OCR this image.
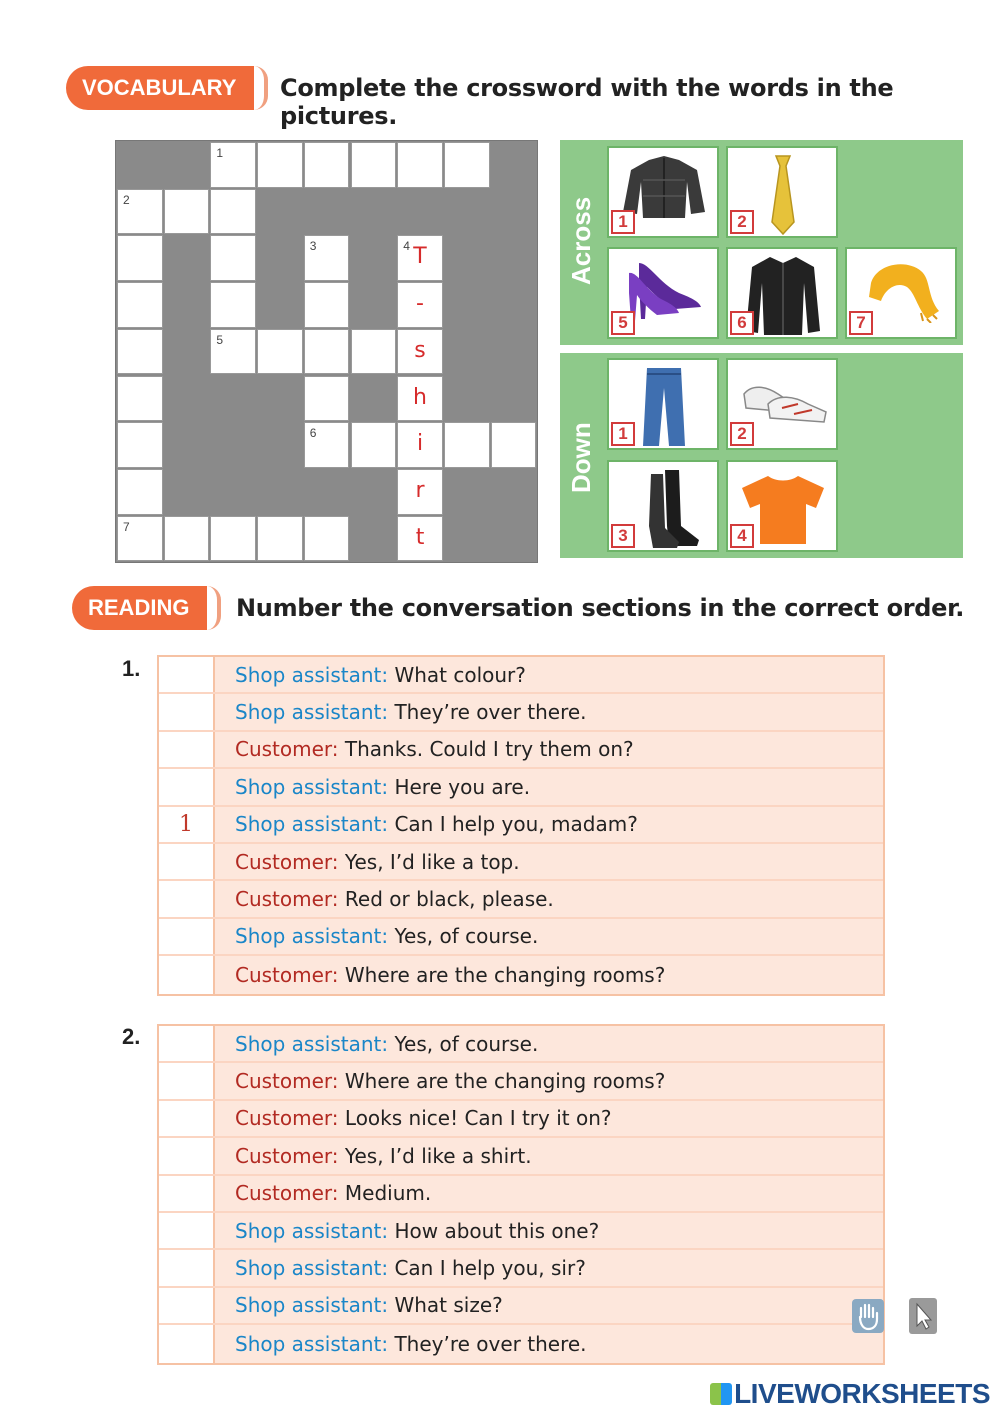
VOCABULARY	Complete the crossword with the words in the pictures.
1
2
3	4 T
-
5	s
h
6	i
r
7	t
Across
Down
1	2
5	6	7
1	2
3	4
READING	Number the conversation sections in the correct order.
1.	Shop assistant: What colour?
Shop assistant: They’re over there.
Customer: Thanks. Could I try them on?
Shop assistant: Here you are.
1	Shop assistant: Can I help you, madam?
Customer: Yes, I’d like a top.
Customer: Red or black, please.
Shop assistant: Yes, of course.
Customer: Where are the changing rooms?
2.	Shop assistant: Yes, of course.
Customer: Where are the changing rooms?
Customer: Looks nice! Can I try it on?
Customer: Yes, I’d like a shirt.
Customer: Medium.
Shop assistant: How about this one?
Shop assistant: Can I help you, sir?
Shop assistant: What size?
Shop assistant: They’re over there.
LIVEWORKSHEETS
